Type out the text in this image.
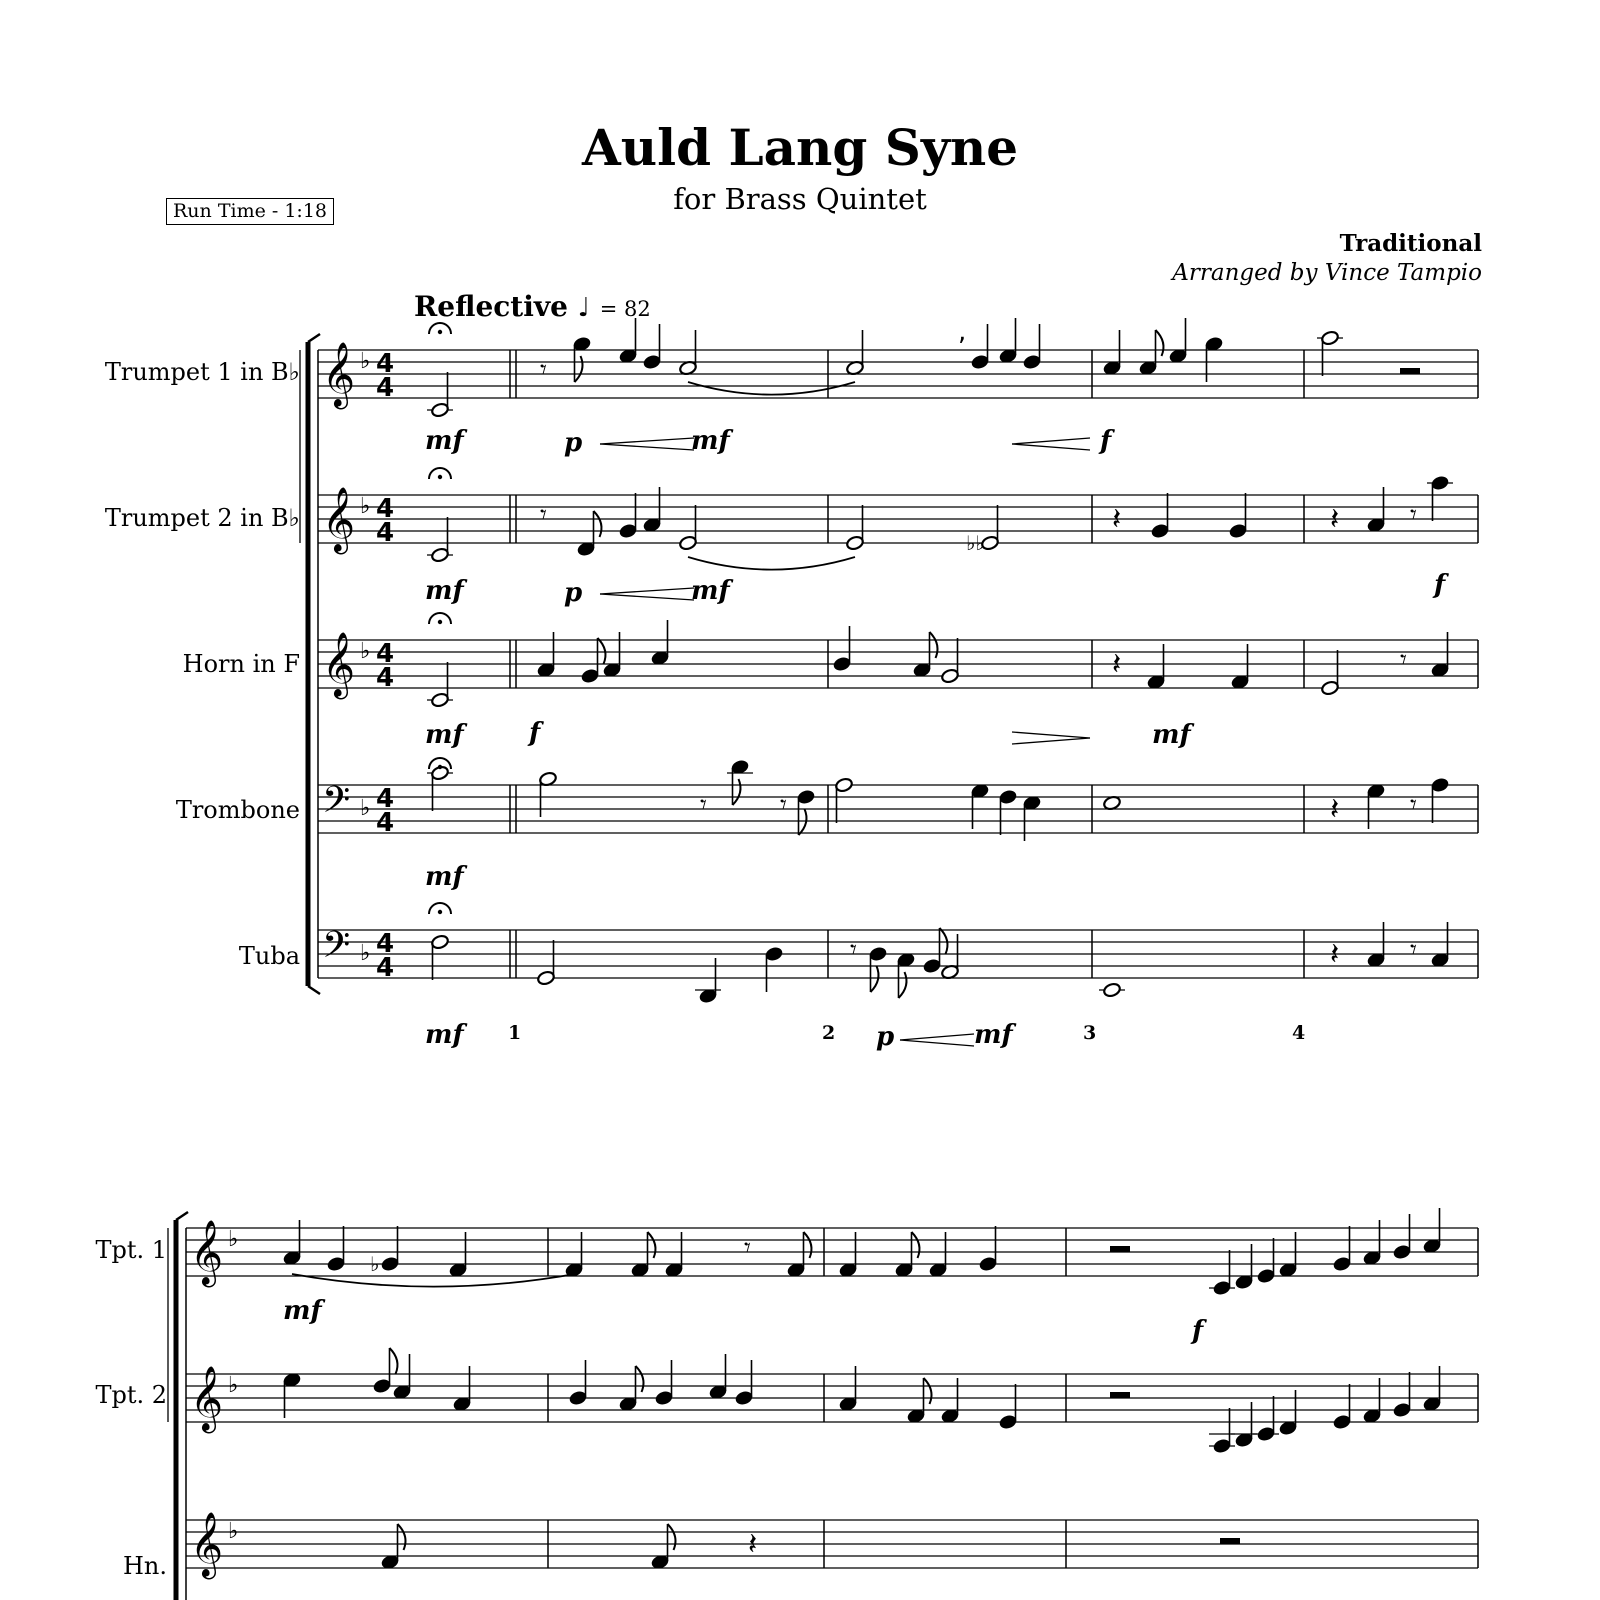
Auld Lang Syne
for Brass Quintet
Run Time - 1:18
Traditional
Arranged by Vince Tampio
Reflective ♩ = 82
Trumpet 1 in B♭
Trumpet 2 in B♭
Horn in F
Trombone
Tuba
Tpt. 1
Tpt. 2
Hn.
mf	p	mf	f
mf	p	mf	f
mf	f	mf
mf
mf	p	mf
mf
f
1	2	3	4
𝄞 ♭ 4
4
𝄞 ♭ 4
4
𝄞 ♭ 4
4
𝄢 ♭ 4
4
𝄢 ♭ 4
4
𝄾
,
𝄾
♭♭
𝄽	𝄽	𝄾
𝄽	𝄾
𝄾	𝄾	𝄽	𝄾
𝄾	𝄽	𝄾
𝄞 ♭
𝄞 ♭
𝄞 ♭
♭
𝄾
𝄽
